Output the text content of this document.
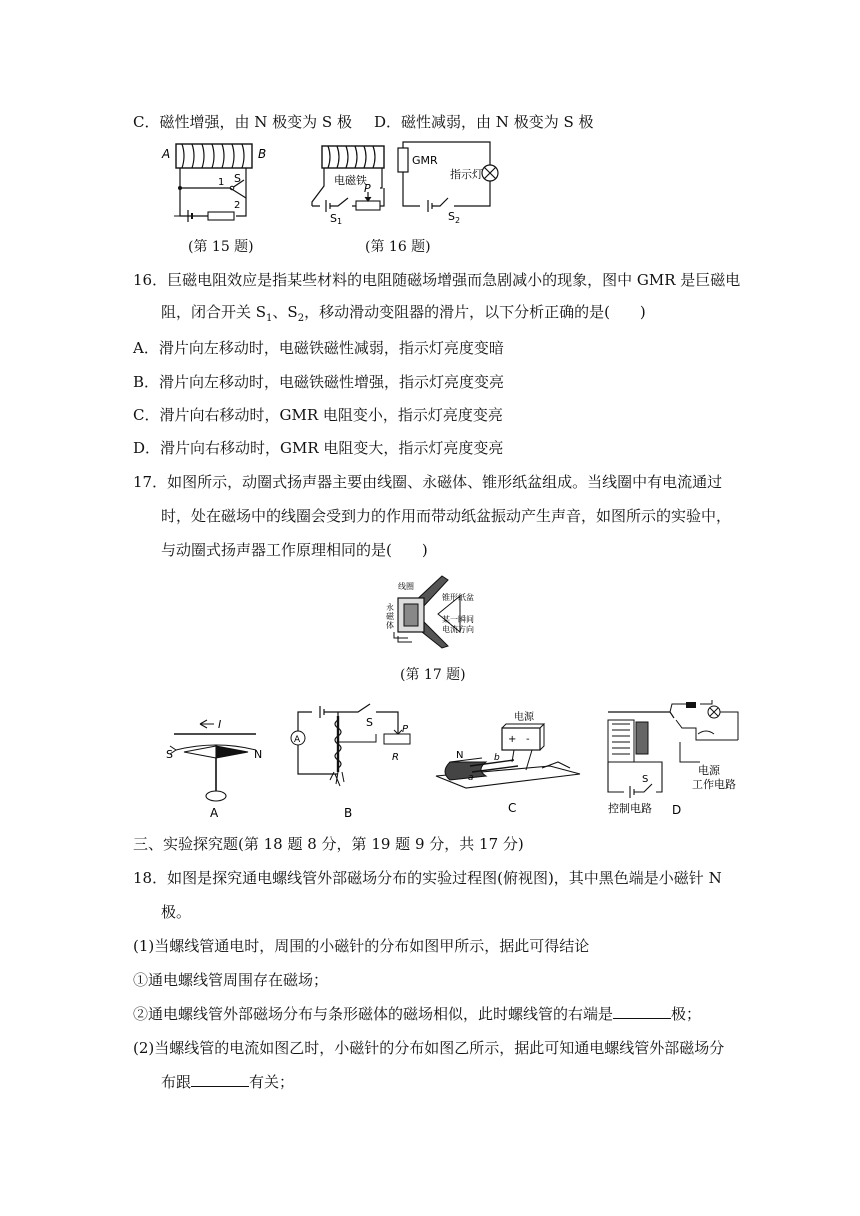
C．磁性增强，由 N 极变为 S 极 D．磁性减弱，由 N 极变为 S 极
A	B
S
1
2
(第 15 题)
电磁铁
P
S 1
GMR
指示灯
S 2
(第 16 题)
16．巨磁电阻效应是指某些材料的电阻随磁场增强而急剧减小的现象，图中 GMR 是巨磁电
阻，闭合开关 $S_1$、$S_2$，移动滑动变阻器的滑片，以下分析正确的是(　　)
A．滑片向左移动时，电磁铁磁性减弱，指示灯亮度变暗
B．滑片向左移动时，电磁铁磁性增强，指示灯亮度变亮
C．滑片向右移动时，GMR 电阻变小，指示灯亮度变亮
D．滑片向右移动时，GMR 电阻变大，指示灯亮度变亮
17．如图所示，动圈式扬声器主要由线圈、永磁体、锥形纸盆组成。当线圈中有电流通过
时，处在磁场中的线圈会受到力的作用而带动纸盆振动产生声音，如图所示的实验中，
与动圈式扬声器工作原理相同的是(　　)
线圈
锥形纸盆
永
磁
体
某一瞬间
电流方向
(第 17 题)
I
S	N
A
A
S
P
R
B
电源
+ -
N
a
b
C
S
控制电路
电源
工作电路
D
三、实验探究题(第 18 题 8 分，第 19 题 9 分，共 17 分)
18．如图是探究通电螺线管外部磁场分布的实验过程图(俯视图)，其中黑色端是小磁针 N
极。
(1)当螺线管通电时，周围的小磁针的分布如图甲所示，据此可得结论
①通电螺线管周围存在磁场；
②通电螺线管外部磁场分布与条形磁体的磁场相似，此时螺线管的右端是	极；
(2)当螺线管的电流如图乙时，小磁针的分布如图乙所示，据此可知通电螺线管外部磁场分
布跟	有关；
